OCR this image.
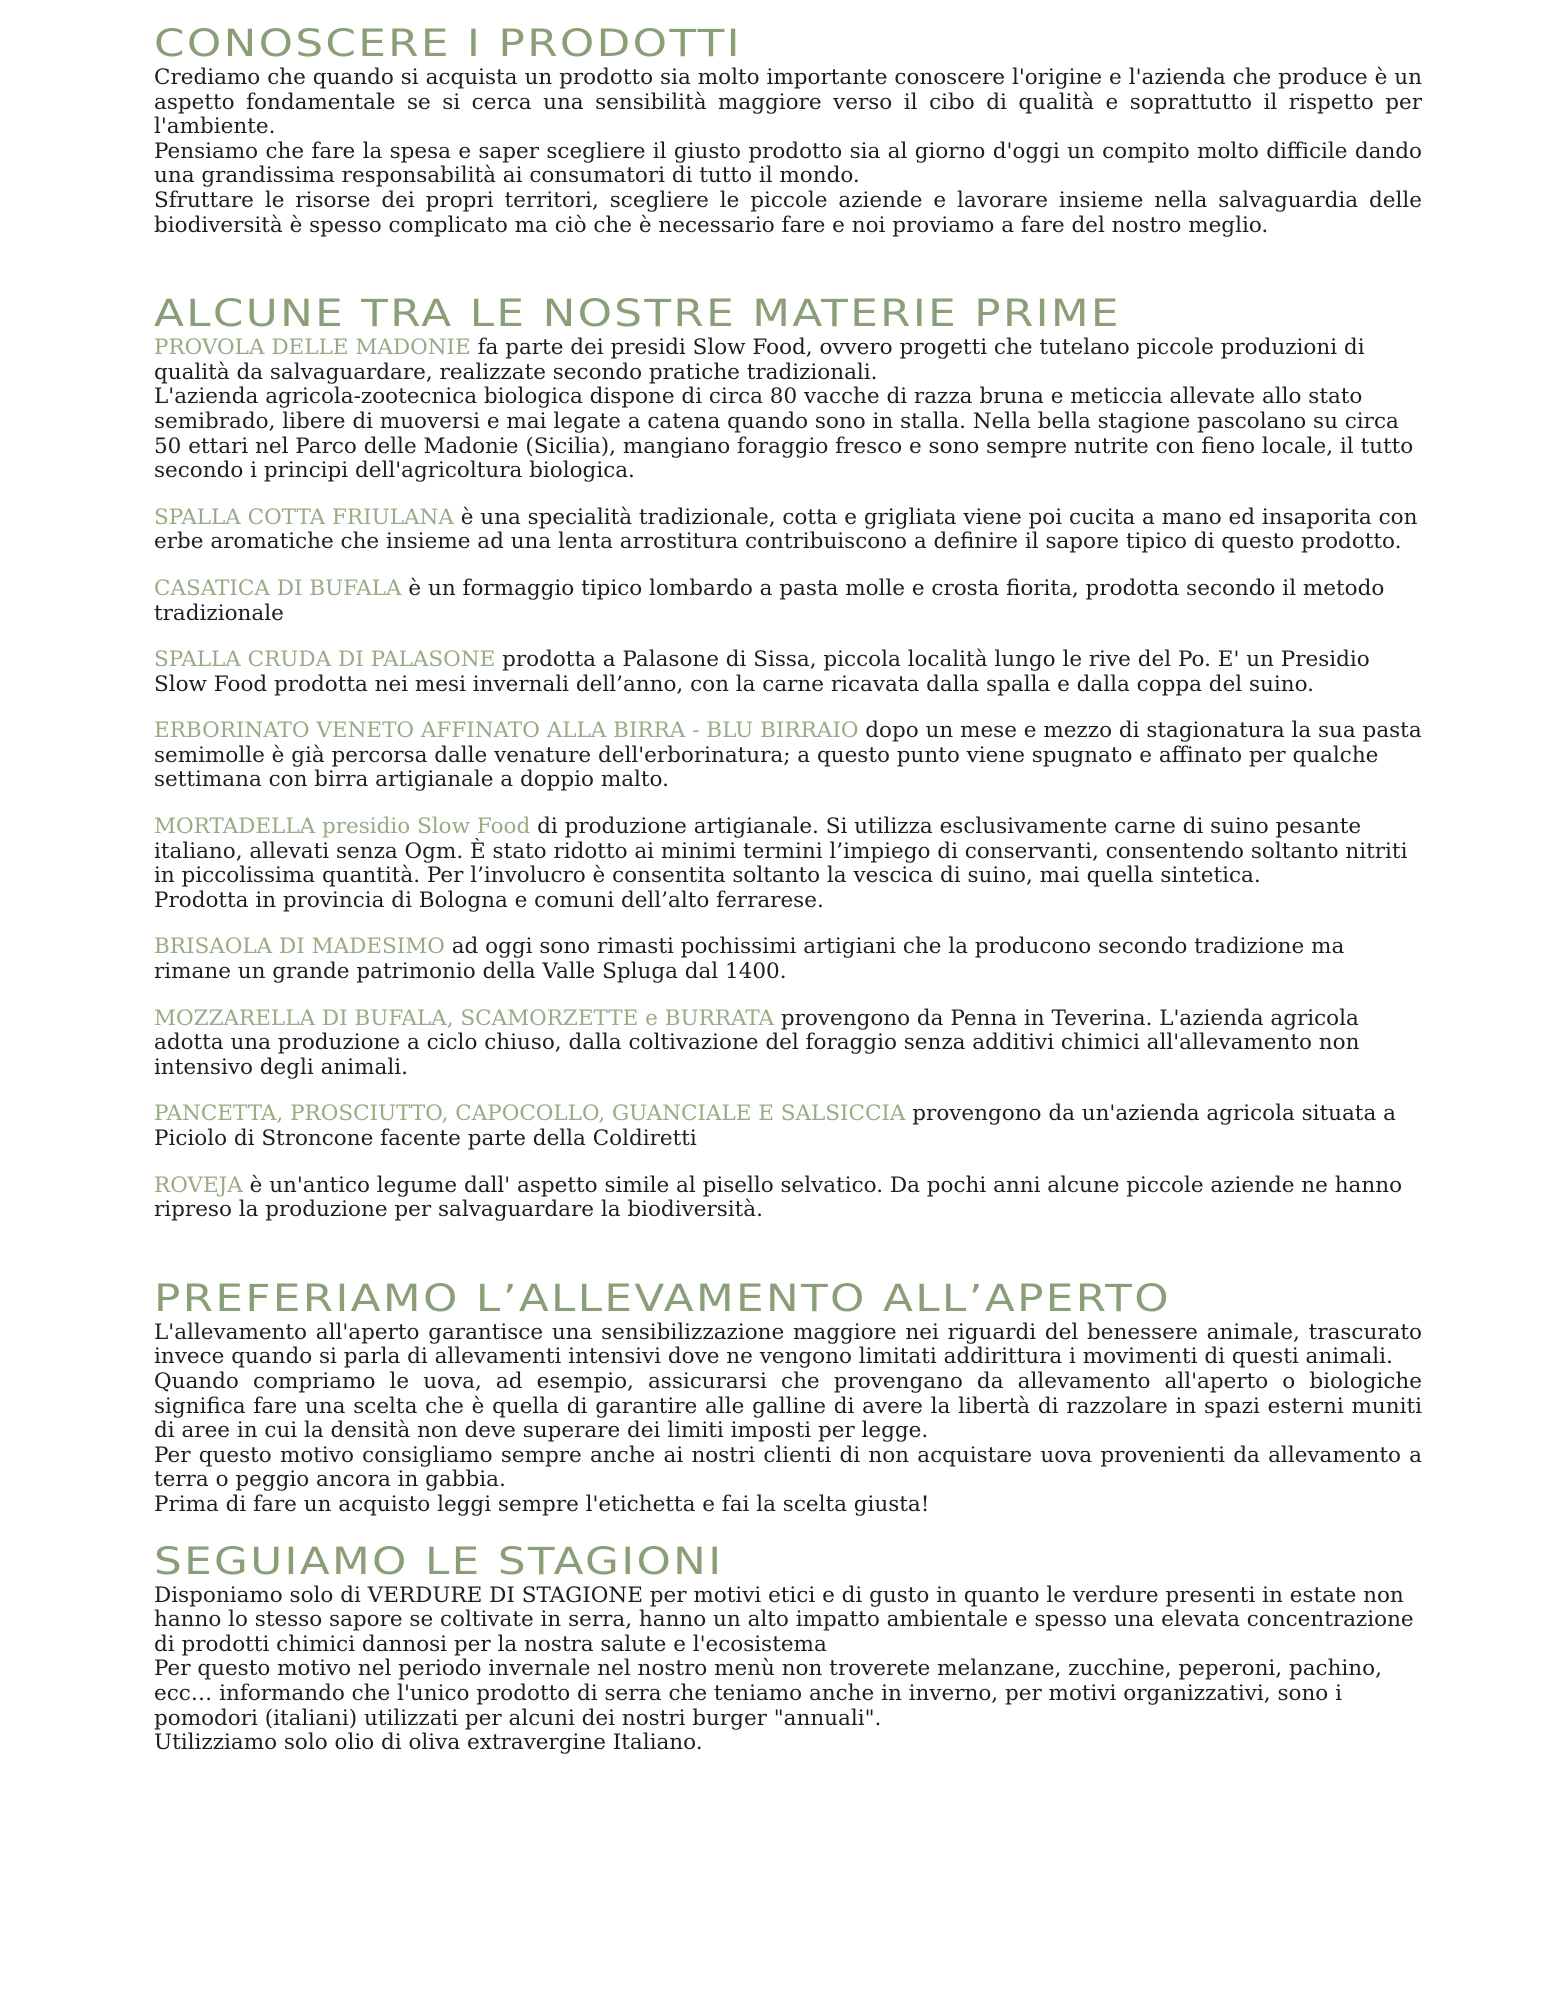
CONOSCERE I PRODOTTI

Crediamo che quando si acquista un prodotto sia molto importante conoscere l'origine e l'azienda che produce è un aspetto fondamentale se si cerca una sensibilità maggiore verso il cibo di qualità e soprattutto il rispetto per l'ambiente.

Pensiamo che fare la spesa e saper scegliere il giusto prodotto sia al giorno d'oggi un compito molto difficile dando una grandissima responsabilità ai consumatori di tutto il mondo.

Sfruttare le risorse dei propri territori, scegliere le piccole aziende e lavorare insieme nella salvaguardia delle biodiversità è spesso complicato ma ciò che è necessario fare e noi proviamo a fare del nostro meglio.

ALCUNE TRA LE NOSTRE MATERIE PRIME

PROVOLA DELLE MADONIE fa parte dei presidi Slow Food, ovvero progetti che tutelano piccole produzioni di qualità da salvaguardare, realizzate secondo pratiche tradizionali.

L'azienda agricola-zootecnica biologica dispone di circa 80 vacche di razza bruna e meticcia allevate allo stato semibrado, libere di muoversi e mai legate a catena quando sono in stalla. Nella bella stagione pascolano su circa 50 ettari nel Parco delle Madonie (Sicilia), mangiano foraggio fresco e sono sempre nutrite con fieno locale, il tutto secondo i principi dell'agricoltura biologica.

SPALLA COTTA FRIULANA è una specialità tradizionale, cotta e grigliata viene poi cucita a mano ed insaporita con erbe aromatiche che insieme ad una lenta arrostitura contribuiscono a definire il sapore tipico di questo prodotto.

CASATICA DI BUFALA è un formaggio tipico lombardo a pasta molle e crosta fiorita, prodotta secondo il metodo tradizionale

SPALLA CRUDA DI PALASONE prodotta a Palasone di Sissa, piccola località lungo le rive del Po. E' un Presidio Slow Food prodotta nei mesi invernali dell’anno, con la carne ricavata dalla spalla e dalla coppa del suino.

ERBORINATO VENETO AFFINATO ALLA BIRRA - BLU BIRRAIO dopo un mese e mezzo di stagionatura la sua pasta semimolle è già percorsa dalle venature dell'erborinatura; a questo punto viene spugnato e affinato per qualche settimana con birra artigianale a doppio malto.

MORTADELLA presidio Slow Food di produzione artigianale. Si utilizza esclusivamente carne di suino pesante italiano, allevati senza Ogm. È stato ridotto ai minimi termini l’impiego di conservanti, consentendo soltanto nitriti in piccolissima quantità. Per l’involucro è consentita soltanto la vescica di suino, mai quella sintetica.

Prodotta in provincia di Bologna e comuni dell’alto ferrarese.

BRISAOLA DI MADESIMO ad oggi sono rimasti pochissimi artigiani che la producono secondo tradizione ma rimane un grande patrimonio della Valle Spluga dal 1400.

MOZZARELLA DI BUFALA, SCAMORZETTE e BURRATA provengono da Penna in Teverina. L'azienda agricola adotta una produzione a ciclo chiuso, dalla coltivazione del foraggio senza additivi chimici all'allevamento non intensivo degli animali.

PANCETTA, PROSCIUTTO, CAPOCOLLO, GUANCIALE E SALSICCIA provengono da un'azienda agricola situata a Piciolo di Stroncone facente parte della Coldiretti

ROVEJA è un'antico legume dall' aspetto simile al pisello selvatico. Da pochi anni alcune piccole aziende ne hanno ripreso la produzione per salvaguardare la biodiversità.

PREFERIAMO L’ALLEVAMENTO ALL’APERTO

L'allevamento all'aperto garantisce una sensibilizzazione maggiore nei riguardi del benessere animale, trascurato invece quando si parla di allevamenti intensivi dove ne vengono limitati addirittura i movimenti di questi animali.

Quando compriamo le uova, ad esempio, assicurarsi che provengano da allevamento all'aperto o biologiche significa fare una scelta che è quella di garantire alle galline di avere la libertà di razzolare in spazi esterni muniti di aree in cui la densità non deve superare dei limiti imposti per legge.

Per questo motivo consigliamo sempre anche ai nostri clienti di non acquistare uova provenienti da allevamento a terra o peggio ancora in gabbia.

Prima di fare un acquisto leggi sempre l'etichetta e fai la scelta giusta!

SEGUIAMO LE STAGIONI

Disponiamo solo di VERDURE DI STAGIONE per motivi etici e di gusto in quanto le verdure presenti in estate non hanno lo stesso sapore se coltivate in serra, hanno un alto impatto ambientale e spesso una elevata concentrazione di prodotti chimici dannosi per la nostra salute e l'ecosistema

Per questo motivo nel periodo invernale nel nostro menù non troverete melanzane, zucchine, peperoni, pachino, ecc… informando che l'unico prodotto di serra che teniamo anche in inverno, per motivi organizzativi, sono i pomodori (italiani) utilizzati per alcuni dei nostri burger "annuali".

Utilizziamo solo olio di oliva extravergine Italiano.
